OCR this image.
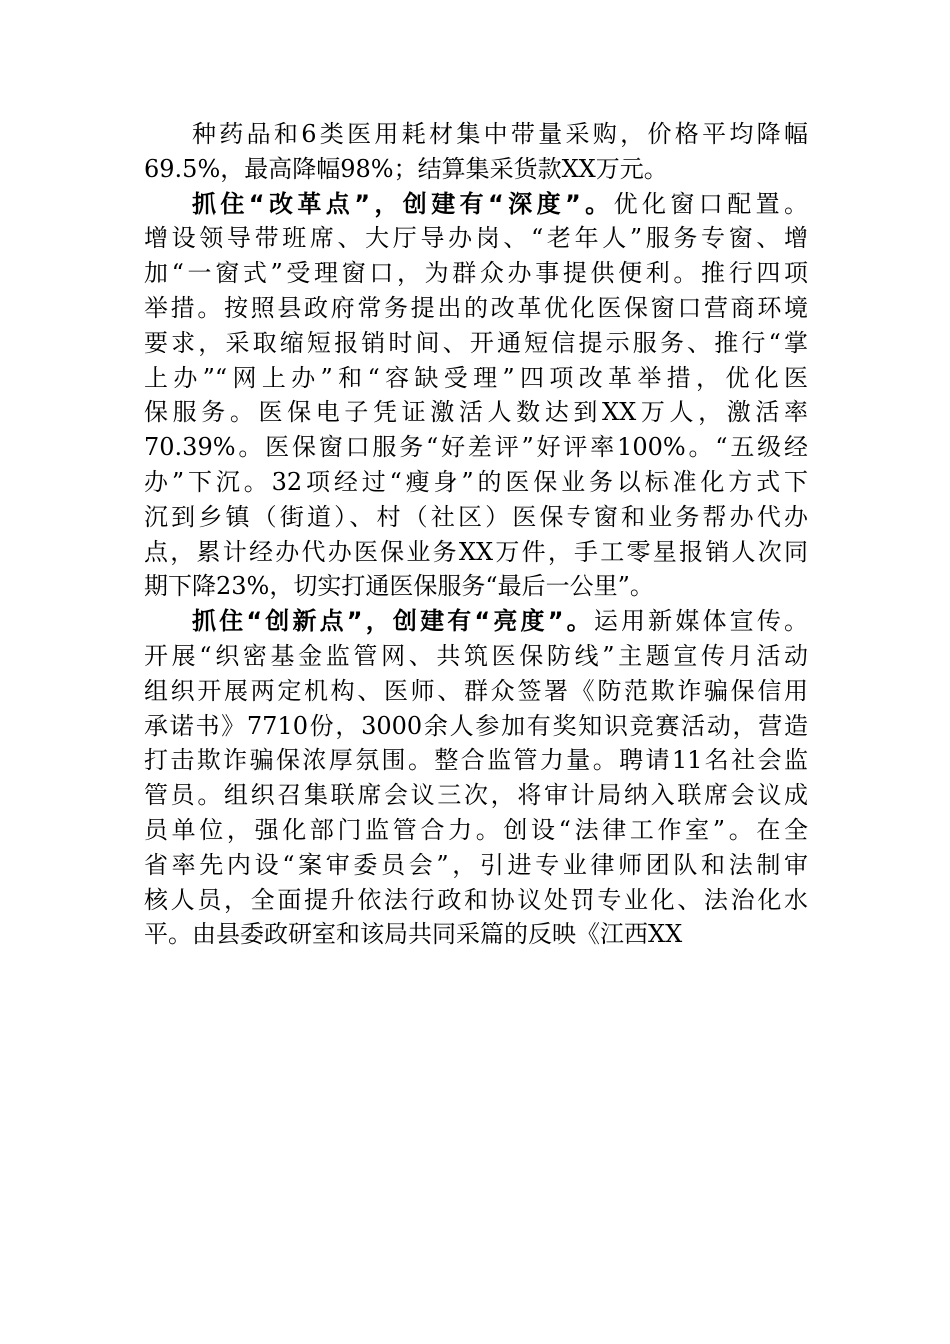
种药品和6类医用耗材集中带量采购，价格平均降幅
69.5%，最高降幅98%；结算集采货款XX万元。
抓住“改革点”，创建有“深度”。优化窗口配置。
增设领导带班席、大厅导办岗、“老年人”服务专窗、增
加“一窗式”受理窗口，为群众办事提供便利。推行四项
举措。按照县政府常务提出的改革优化医保窗口营商环境
要求，采取缩短报销时间、开通短信提示服务、推行“掌
上办”“网上办”和“容缺受理”四项改革举措，优化医
保服务。医保电子凭证激活人数达到XX万人，激活率
70.39%。医保窗口服务“好差评”好评率100%。“五级经
办”下沉。32项经过“瘦身”的医保业务以标准化方式下
沉到乡镇（街道）、村（社区）医保专窗和业务帮办代办
点，累计经办代办医保业务XX万件，手工零星报销人次同
期下降23%，切实打通医保服务“最后一公里”。
抓住“创新点”，创建有“亮度”。运用新媒体宣传。
开展“织密基金监管网、共筑医保防线”主题宣传月活动
组织开展两定机构、医师、群众签署《防范欺诈骗保信用
承诺书》7710份，3000余人参加有奖知识竞赛活动，营造
打击欺诈骗保浓厚氛围。整合监管力量。聘请11名社会监
管员。组织召集联席会议三次，将审计局纳入联席会议成
员单位，强化部门监管合力。创设“法律工作室”。在全
省率先内设“案审委员会”，引进专业律师团队和法制审
核人员，全面提升依法行政和协议处罚专业化、法治化水
平。由县委政研室和该局共同采篇的反映《江西XX
